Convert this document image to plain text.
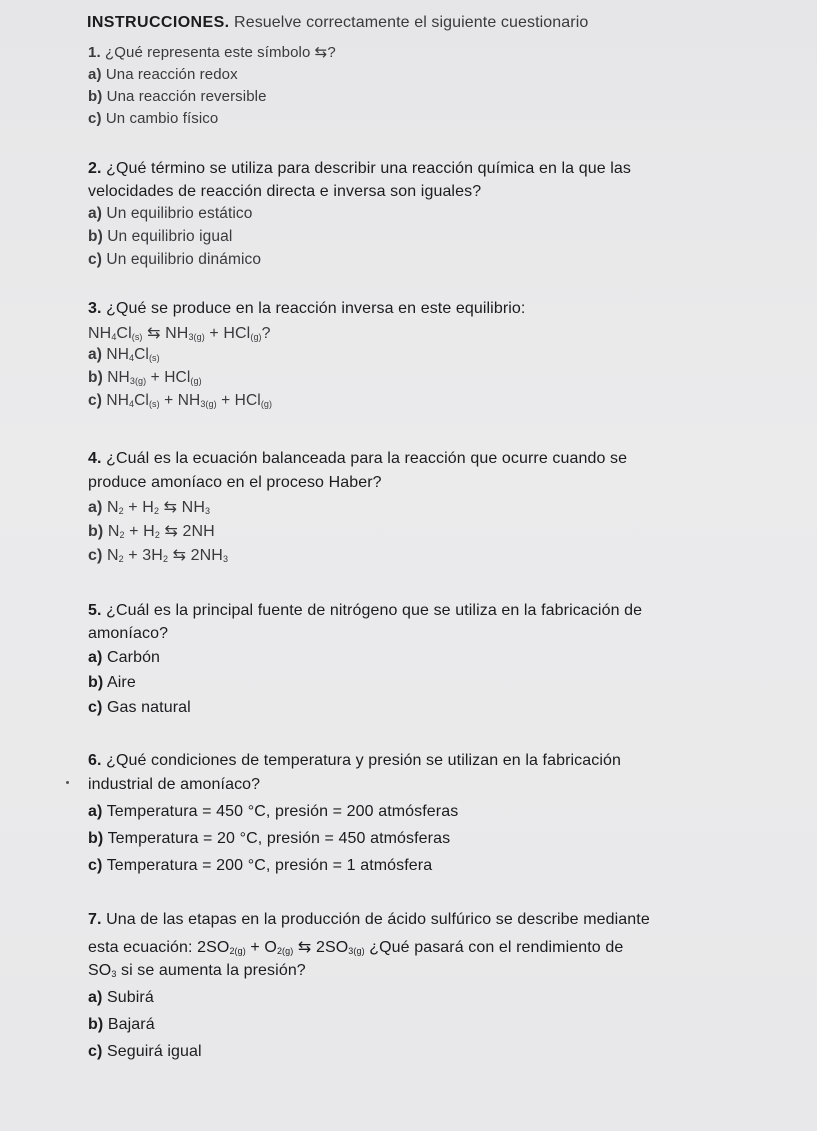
INSTRUCCIONES. Resuelve correctamente el siguiente cuestionario
1. ¿Qué representa este símbolo ⇆?
a) Una reacción redox
b) Una reacción reversible
c) Un cambio físico
2. ¿Qué término se utiliza para describir una reacción química en la que las
velocidades de reacción directa e inversa son iguales?
a) Un equilibrio estático
b) Un equilibrio igual
c) Un equilibrio dinámico
3. ¿Qué se produce en la reacción inversa en este equilibrio:
$NH_4Cl_{(s)}$ ⇆ $NH_{3(g)} + HCl_{(g)}$?
a) $NH_4Cl_{(s)}$
b) $NH_{3(g)} + HCl_{(g)}$
c) $NH_4Cl_{(s)} + NH_{3(g)} + HCl_{(g)}$
4. ¿Cuál es la ecuación balanceada para la reacción que ocurre cuando se
produce amoníaco en el proceso Haber?
a) $N_2 + H_2$ ⇆ $NH_3$
b) $N_2 + H_2$ ⇆ 2NH
c) $N_2 + 3H_2$ ⇆ $2NH_3$
5. ¿Cuál es la principal fuente de nitrógeno que se utiliza en la fabricación de
amoníaco?
a) Carbón
b) Aire
c) Gas natural
6. ¿Qué condiciones de temperatura y presión se utilizan en la fabricación
industrial de amoníaco?
a) Temperatura = 450 °C, presión = 200 atmósferas
b) Temperatura = 20 °C, presión = 450 atmósferas
c) Temperatura = 200 °C, presión = 1 atmósfera
7. Una de las etapas en la producción de ácido sulfúrico se describe mediante
esta ecuación: $2SO_{2(g)} + O_{2(g)}$ ⇆ $2SO_{3(g)}$ ¿Qué pasará con el rendimiento de
$SO_3$ si se aumenta la presión?
a) Subirá
b) Bajará
c) Seguirá igual
